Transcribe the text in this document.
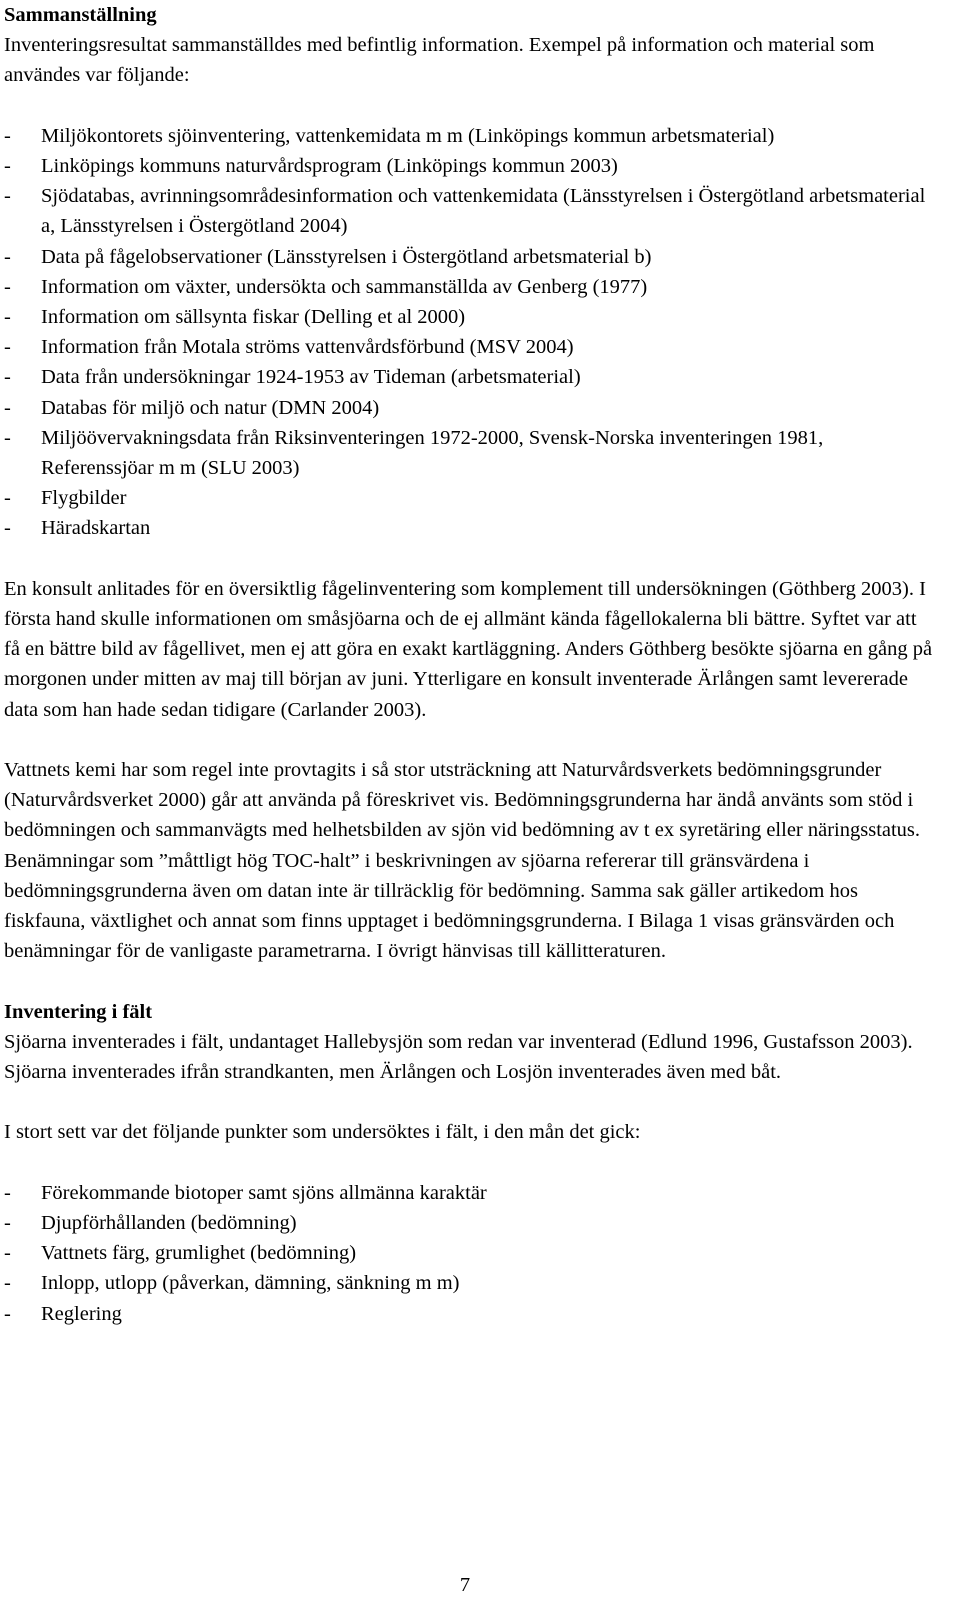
Sammanställning

Inventeringsresultat sammanställdes med befintlig information. Exempel på information och material som användes var följande:

- Miljökontorets sjöinventering, vattenkemidata m m (Linköpings kommun arbetsmaterial)
- Linköpings kommuns naturvårdsprogram (Linköpings kommun 2003)
- Sjödatabas, avrinningsområdesinformation och vattenkemidata (Länsstyrelsen i Östergötland arbetsmaterial a, Länsstyrelsen i Östergötland 2004)
- Data på fågelobservationer (Länsstyrelsen i Östergötland arbetsmaterial b)
- Information om växter, undersökta och sammanställda av Genberg (1977)
- Information om sällsynta fiskar (Delling et al 2000)
- Information från Motala ströms vattenvårdsförbund (MSV 2004)
- Data från undersökningar 1924-1953 av Tideman (arbetsmaterial)
- Databas för miljö och natur (DMN 2004)
- Miljöövervakningsdata från Riksinventeringen 1972-2000, Svensk-Norska inventeringen 1981, Referenssjöar m m (SLU 2003)
- Flygbilder
- Häradskartan

En konsult anlitades för en översiktlig fågelinventering som komplement till undersökningen (Göthberg 2003). I första hand skulle informationen om småsjöarna och de ej allmänt kända fågellokalerna bli bättre. Syftet var att få en bättre bild av fågellivet, men ej att göra en exakt kartläggning. Anders Göthberg besökte sjöarna en gång på morgonen under mitten av maj till början av juni. Ytterligare en konsult inventerade Ärlången samt levererade data som han hade sedan tidigare (Carlander 2003).

Vattnets kemi har som regel inte provtagits i så stor utsträckning att Naturvårdsverkets bedömningsgrunder (Naturvårdsverket 2000) går att använda på föreskrivet vis. Bedömningsgrunderna har ändå använts som stöd i bedömningen och sammanvägts med helhetsbilden av sjön vid bedömning av t ex syretäring eller näringsstatus. Benämningar som ”måttligt hög TOC-halt” i beskrivningen av sjöarna refererar till gränsvärdena i bedömningsgrunderna även om datan inte är tillräcklig för bedömning. Samma sak gäller artikedom hos fiskfauna, växtlighet och annat som finns upptaget i bedömningsgrunderna. I Bilaga 1 visas gränsvärden och benämningar för de vanligaste parametrarna. I övrigt hänvisas till källitteraturen.

Inventering i fält

Sjöarna inventerades i fält, undantaget Hallebysjön som redan var inventerad (Edlund 1996, Gustafsson 2003). Sjöarna inventerades ifrån strandkanten, men Ärlången och Losjön inventerades även med båt.

I stort sett var det följande punkter som undersöktes i fält, i den mån det gick:

- Förekommande biotoper samt sjöns allmänna karaktär
- Djupförhållanden (bedömning)
- Vattnets färg, grumlighet (bedömning)
- Inlopp, utlopp (påverkan, dämning, sänkning m m)
- Reglering

7
